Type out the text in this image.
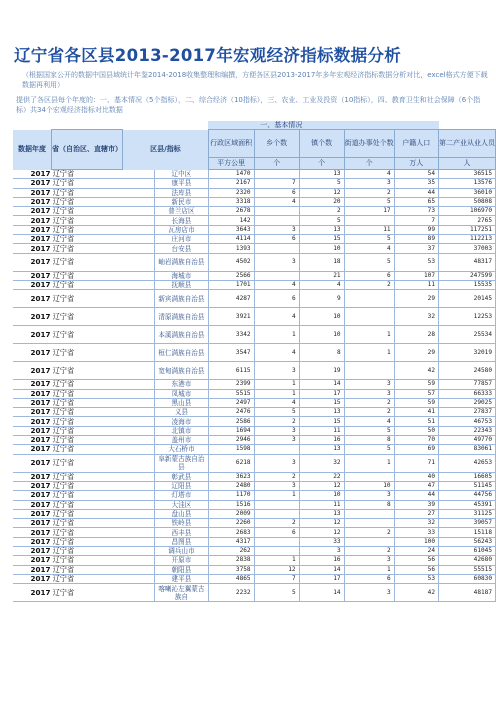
辽宁省各区县2013-2017年宏观经济指标数据分析
（根据国家公开的数据中国县域统计年鉴2014-2018收集整理和编撰，方便各区县2013-2017年多年宏观经济指标数据分析对比，excel格式方便下载数据再利用）
提供了各区县每个年度的：一、基本情况（5个指标），二、综合经济（10指标），三、农业、工业及投资（10指标），四、教育卫生和社会保障（6个指标）共34个宏观经济指标对比数据
				一、基本情况					
数据年度	省（自治区、直辖市）	区县/指标		行政区域面积	乡个数	镇个数	街道办事处个数	户籍人口	第二产业从业人员
				平方公里	个	个	个	万人	人
2017	辽宁省		辽中区	1470		13	4	54	36515
2017	辽宁省		康平县	2167	7	5	3	35	13576
2017	辽宁省		法库县	2320	6	12	2	44	36010
2017	辽宁省		新民市	3318	4	20	5	65	50808
2017	辽宁省		普兰店区	2678		2	17	73	106970
2017	辽宁省		长海县	142		5		7	2765
2017	辽宁省		瓦房店市	3643	3	13	11	99	117251
2017	辽宁省		庄河市	4114	6	15	5	89	112213
2017	辽宁省		台安县	1393		10	4	37	37003
2017	辽宁省		岫岩满族自治县	4502	3	18	5	53	48317
2017	辽宁省		海城市	2566		21	6	107	247599
2017	辽宁省		抚顺县	1701	4	4	2	11	15535
2017	辽宁省		新宾满族自治县	4287	6	9		29	20145
2017	辽宁省		清原满族自治县	3921	4	10		32	12253
2017	辽宁省		本溪满族自治县	3342	1	10	1	28	25534
2017	辽宁省		桓仁满族自治县	3547	4	8	1	29	32019
2017	辽宁省		宽甸满族自治县	6115	3	19		42	24580
2017	辽宁省		东港市	2399	1	14	3	59	77857
2017	辽宁省		凤城市	5515	1	17	3	57	66333
2017	辽宁省		黑山县	2497	4	15	2	59	29025
2017	辽宁省		义县	2476	5	13	2	41	27837
2017	辽宁省		凌海市	2586	2	15	4	51	46753
2017	辽宁省		北镇市	1694	3	11	5	50	22343
2017	辽宁省		盖州市	2946	3	16	8	70	49770
2017	辽宁省		大石桥市	1598		13	5	69	83061
2017	辽宁省		阜新蒙古族自治县	6218	3	32	1	71	42653
2017	辽宁省		彰武县	3623	2	22		40	16605
2017	辽宁省		辽阳县	2480	3	12	10	47	51145
2017	辽宁省		灯塔市	1170	1	10	3	44	44756
2017	辽宁省		大洼区	1516		11	8	39	45391
2017	辽宁省		盘山县	2009		13		27	31125
2017	辽宁省		铁岭县	2260	2	12		32	39057
2017	辽宁省		西丰县	2683	6	12	2	33	15118
2017	辽宁省		昌图县	4317		33		100	56243
2017	辽宁省		调兵山市	262		3	2	24	61045
2017	辽宁省		开原市	2838	1	16	3	56	42680
2017	辽宁省		朝阳县	3758	12	14	1	56	55515
2017	辽宁省		建平县	4865	7	17	6	53	60830
2017	辽宁省		喀喇沁左翼蒙古族自	2232	5	14	3	42	48187
